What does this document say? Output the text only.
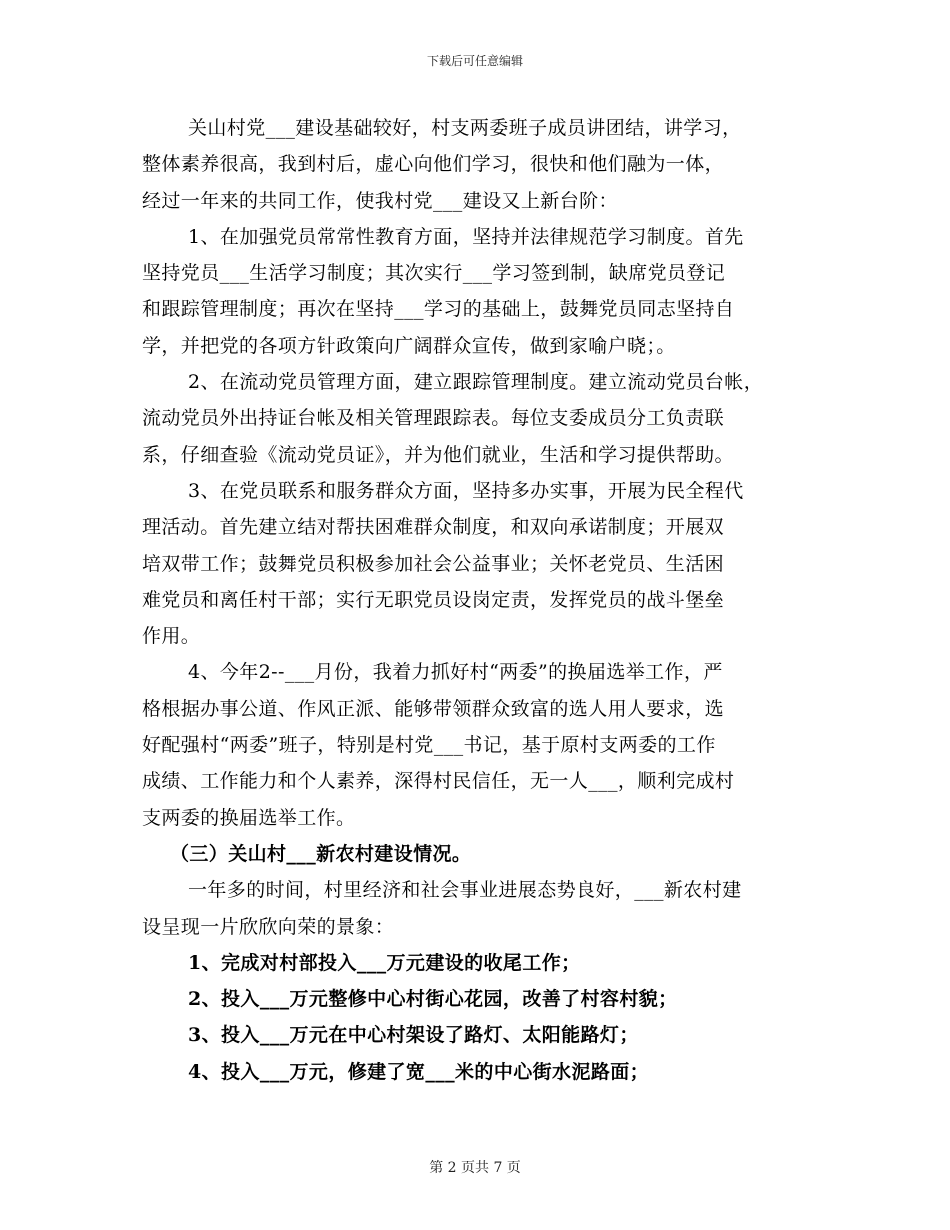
下载后可任意编辑
关山村党___建设基础较好，村支两委班子成员讲团结，讲学习，
整体素养很高，我到村后，虚心向他们学习，很快和他们融为一体，
经过一年来的共同工作，使我村党___建设又上新台阶：
1、在加强党员常常性教育方面，坚持并法律规范学习制度。首先
坚持党员___生活学习制度；其次实行___学习签到制，缺席党员登记
和跟踪管理制度；再次在坚持___学习的基础上，鼓舞党员同志坚持自
学，并把党的各项方针政策向广阔群众宣传，做到家喻户晓；。
2、在流动党员管理方面，建立跟踪管理制度。建立流动党员台帐，
流动党员外出持证台帐及相关管理跟踪表。每位支委成员分工负责联
系，仔细查验《流动党员证》，并为他们就业，生活和学习提供帮助。
3、在党员联系和服务群众方面，坚持多办实事，开展为民全程代
理活动。首先建立结对帮扶困难群众制度，和双向承诺制度；开展双
培双带工作；鼓舞党员积极参加社会公益事业；关怀老党员、生活困
难党员和离任村干部；实行无职党员设岗定责，发挥党员的战斗堡垒
作用。
4、今年2--___月份，我着力抓好村“两委”的换届选举工作，严
格根据办事公道、作风正派、能够带领群众致富的选人用人要求，选
好配强村“两委”班子，特别是村党___书记，基于原村支两委的工作
成绩、工作能力和个人素养，深得村民信任，无一人___，顺利完成村
支两委的换届选举工作。
（三）关山村___新农村建设情况。
一年多的时间，村里经济和社会事业进展态势良好，___新农村建
设呈现一片欣欣向荣的景象：
1、完成对村部投入___万元建设的收尾工作；
2、投入___万元整修中心村街心花园，改善了村容村貌；
3、投入___万元在中心村架设了路灯、太阳能路灯；
4、投入___万元，修建了宽___米的中心街水泥路面；
第 2 页共 7 页
